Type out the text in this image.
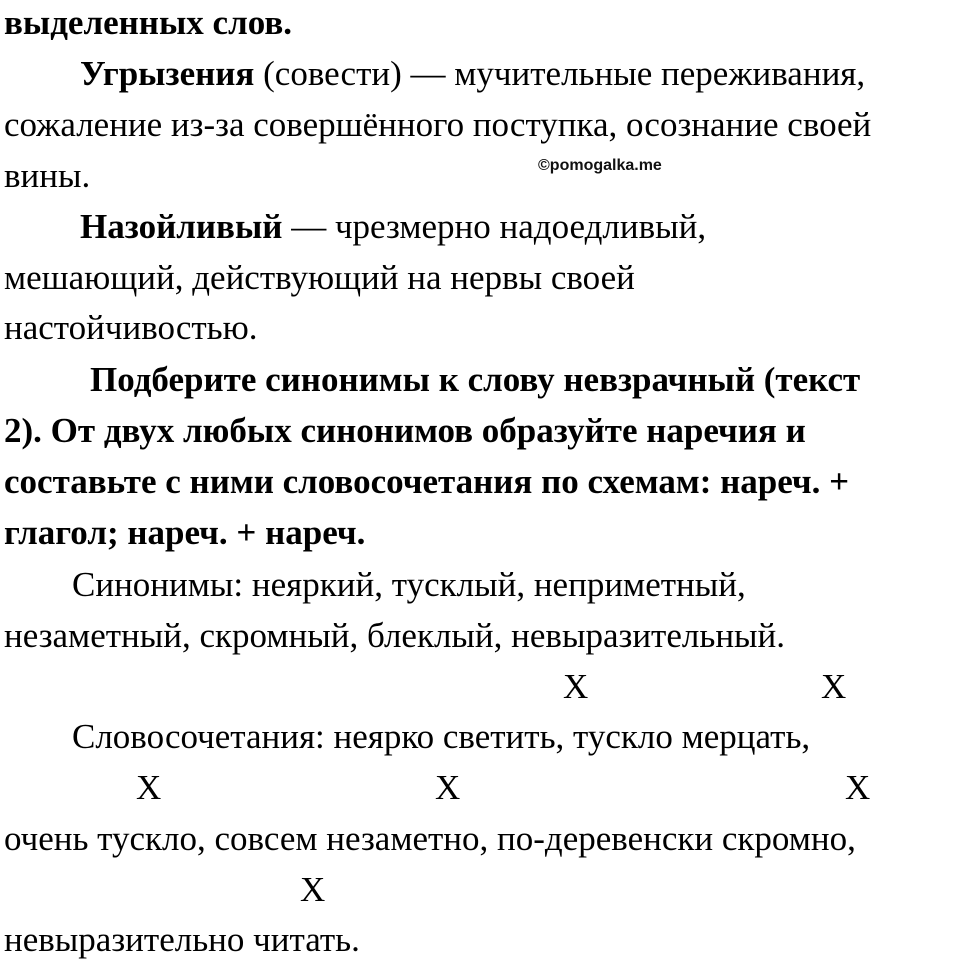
выделенных слов.
Угрызения (совести) — мучительные переживания,
сожаление из-за совершённого поступка, осознание своей
вины.	©pomogalka.me
Назойливый — чрезмерно надоедливый,
мешающий, действующий на нервы своей
настойчивостью.
Подберите синонимы к слову невзрачный (текст
2). От двух любых синонимов образуйте наречия и
составьте с ними словосочетания по схемам: нареч. +
глагол; нареч. + нареч.
Синонимы: неяркий, тусклый, неприметный,
незаметный, скромный, блеклый, невыразительный.
X	X
Словосочетания: неярко светить, тускло мерцать,
X	X	X
очень тускло, совсем незаметно, по-деревенски скромно,
X
невыразительно читать.
